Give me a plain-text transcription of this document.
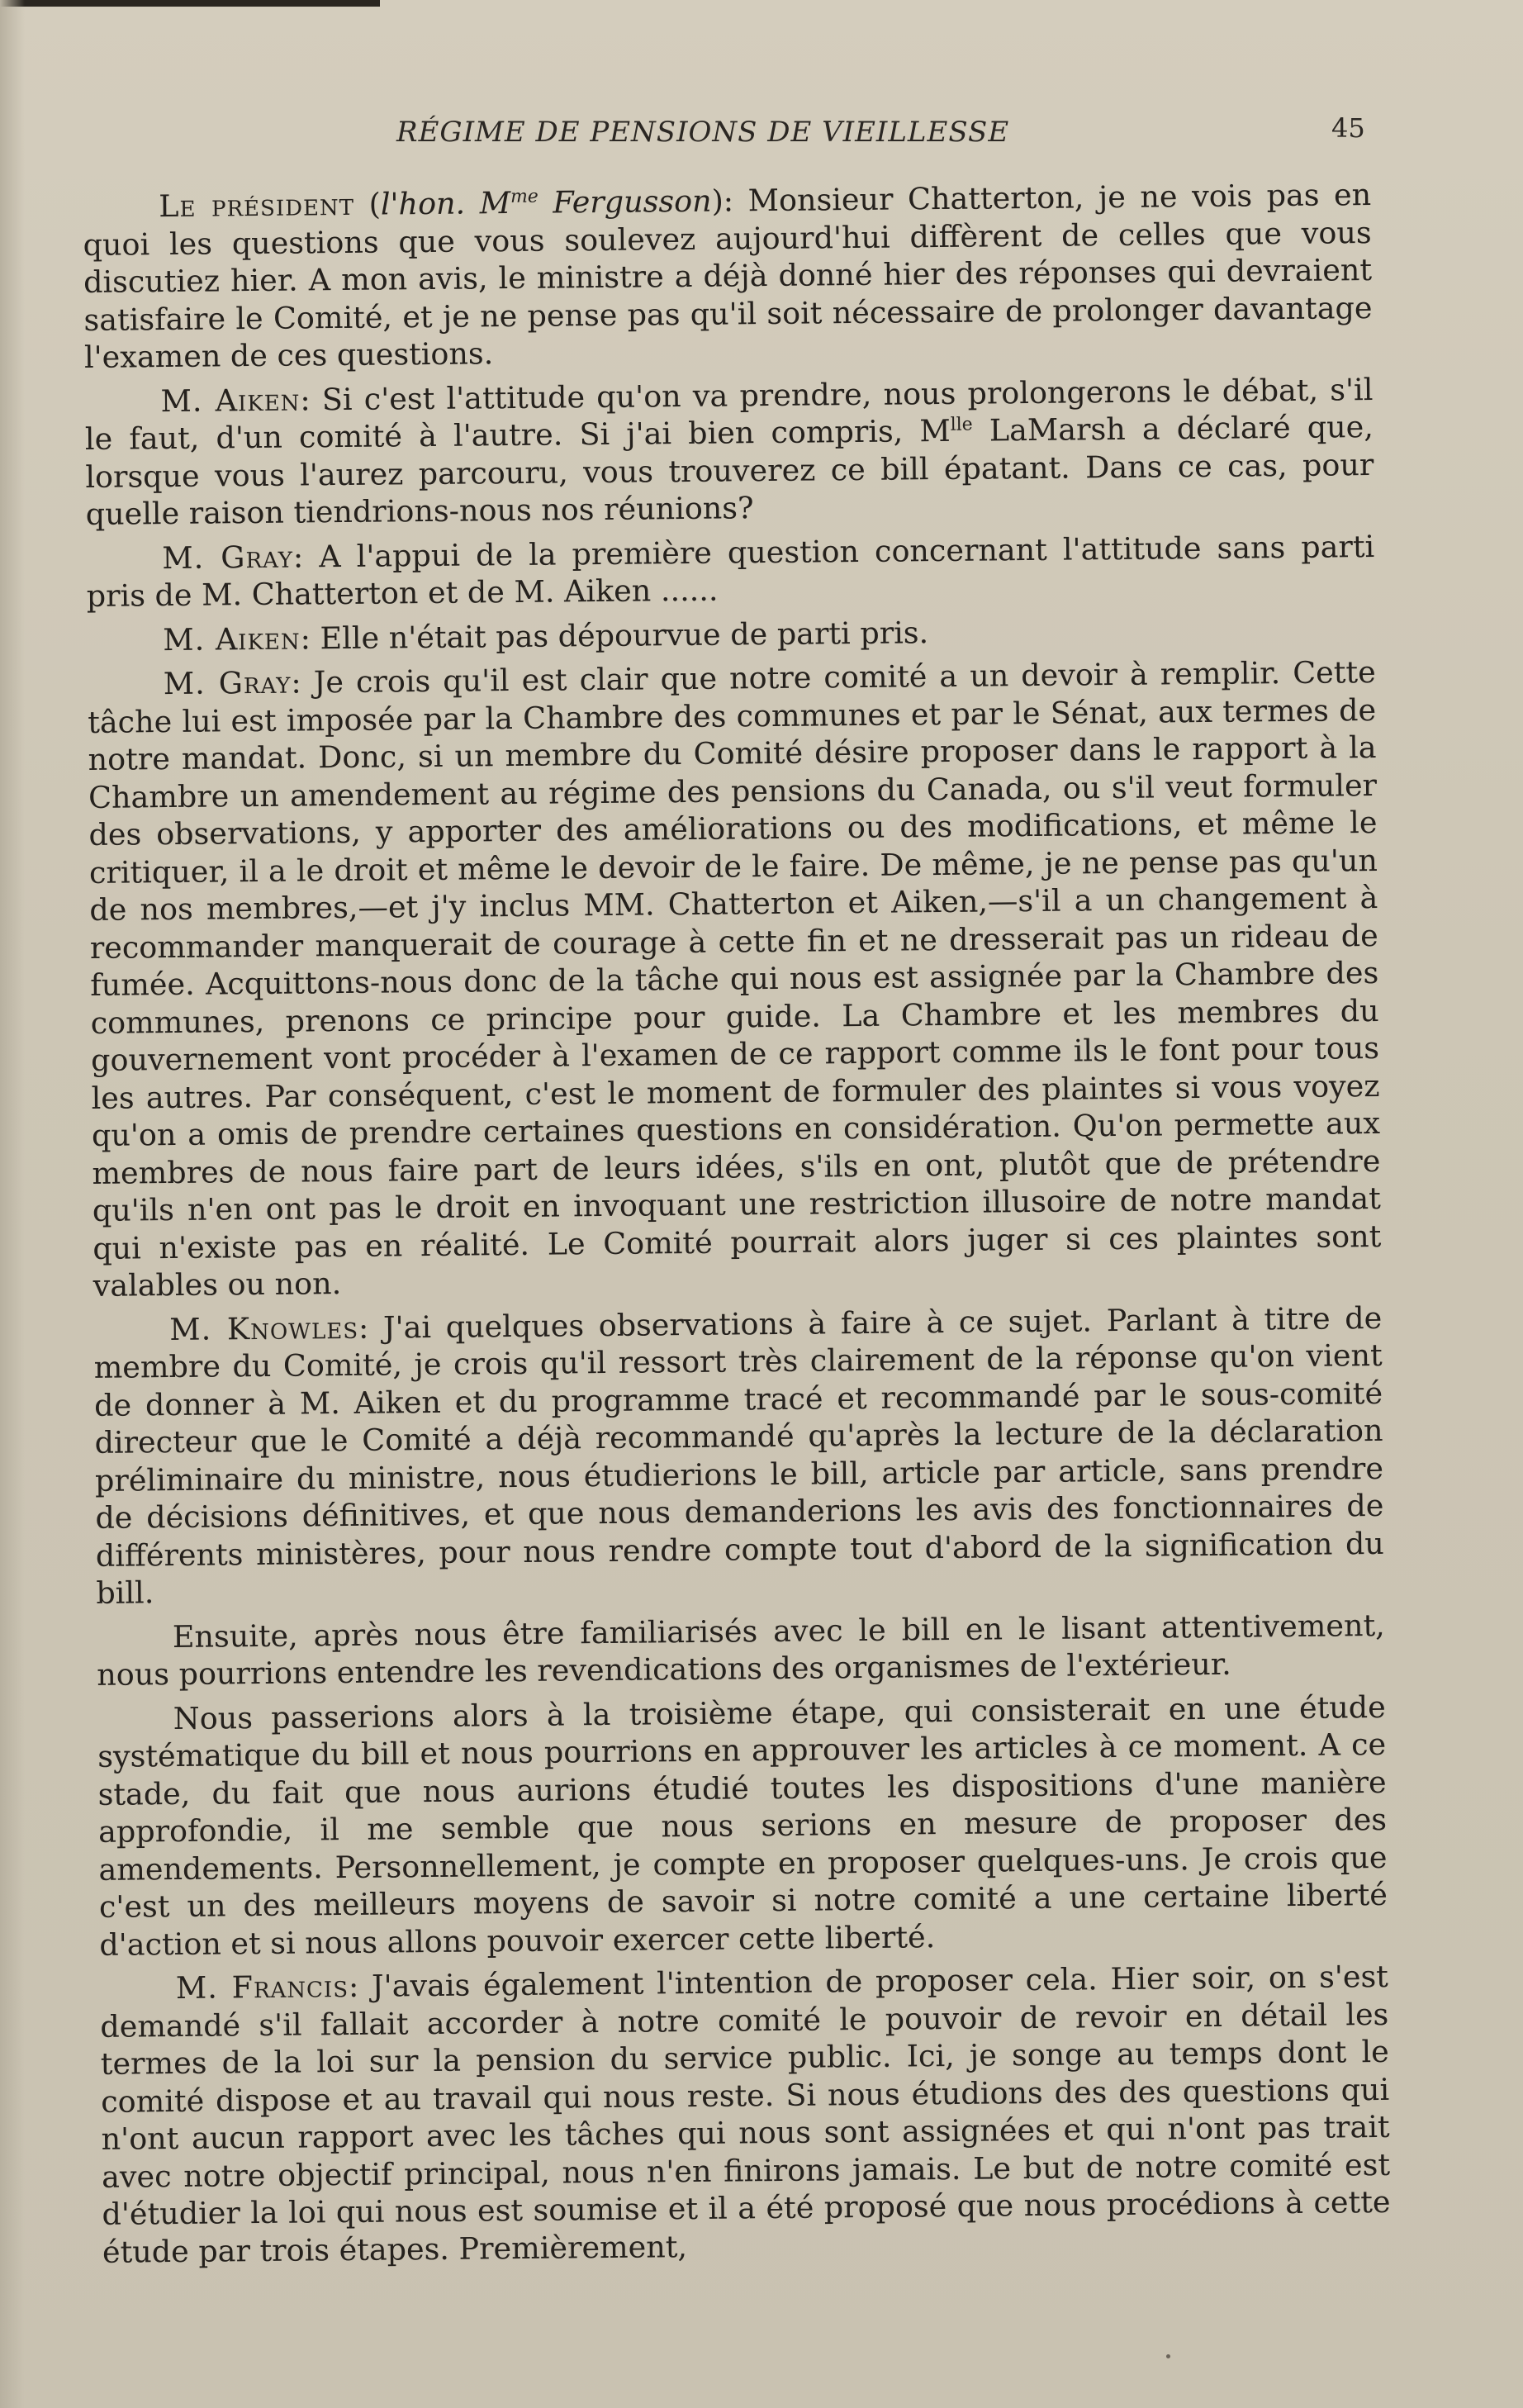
RÉGIME DE PENSIONS DE VIEILLESSE	45

Le président (l'hon. $M^{me}$ Fergusson): Monsieur Chatterton, je ne vois pas en quoi les questions que vous soulevez aujourd'hui diffèrent de celles que vous discutiez hier. A mon avis, le ministre a déjà donné hier des réponses qui devraient satisfaire le Comité, et je ne pense pas qu'il soit nécessaire de prolonger davantage l'examen de ces questions.

M. Aiken: Si c'est l'attitude qu'on va prendre, nous prolongerons le débat, s'il le faut, d'un comité à l'autre. Si j'ai bien compris, $M^{lle}$ LaMarsh a déclaré que, lorsque vous l'aurez parcouru, vous trouverez ce bill épatant. Dans ce cas, pour quelle raison tiendrions-nous nos réunions?

M. Gray: A l'appui de la première question concernant l'attitude sans parti pris de M. Chatterton et de M. Aiken ......

M. Aiken: Elle n'était pas dépourvue de parti pris.

M. Gray: Je crois qu'il est clair que notre comité a un devoir à remplir. Cette tâche lui est imposée par la Chambre des communes et par le Sénat, aux termes de notre mandat. Donc, si un membre du Comité désire proposer dans le rapport à la Chambre un amendement au régime des pensions du Canada, ou s'il veut formuler des observations, y apporter des améliorations ou des modifications, et même le critiquer, il a le droit et même le devoir de le faire. De même, je ne pense pas qu'un de nos membres,—et j'y inclus MM. Chatterton et Aiken,—s'il a un changement à recommander manquerait de courage à cette fin et ne dresserait pas un rideau de fumée. Acquittons-nous donc de la tâche qui nous est assignée par la Chambre des communes, prenons ce principe pour guide. La Chambre et les membres du gouvernement vont procéder à l'examen de ce rapport comme ils le font pour tous les autres. Par conséquent, c'est le moment de formuler des plaintes si vous voyez qu'on a omis de prendre certaines questions en considération. Qu'on permette aux membres de nous faire part de leurs idées, s'ils en ont, plutôt que de prétendre qu'ils n'en ont pas le droit en invoquant une restriction illusoire de notre mandat qui n'existe pas en réalité. Le Comité pourrait alors juger si ces plaintes sont valables ou non.

M. Knowles: J'ai quelques observations à faire à ce sujet. Parlant à titre de membre du Comité, je crois qu'il ressort très clairement de la réponse qu'on vient de donner à M. Aiken et du programme tracé et recommandé par le sous-comité directeur que le Comité a déjà recommandé qu'après la lecture de la déclaration préliminaire du ministre, nous étudierions le bill, article par article, sans prendre de décisions définitives, et que nous demanderions les avis des fonctionnaires de différents ministères, pour nous rendre compte tout d'abord de la signification du bill.

Ensuite, après nous être familiarisés avec le bill en le lisant attentivement, nous pourrions entendre les revendications des organismes de l'extérieur.

Nous passerions alors à la troisième étape, qui consisterait en une étude systématique du bill et nous pourrions en approuver les articles à ce moment. A ce stade, du fait que nous aurions étudié toutes les dispositions d'une manière approfondie, il me semble que nous serions en mesure de proposer des amendements. Personnellement, je compte en proposer quelques-uns. Je crois que c'est un des meilleurs moyens de savoir si notre comité a une certaine liberté d'action et si nous allons pouvoir exercer cette liberté.

M. Francis: J'avais également l'intention de proposer cela. Hier soir, on s'est demandé s'il fallait accorder à notre comité le pouvoir de revoir en détail les termes de la loi sur la pension du service public. Ici, je songe au temps dont le comité dispose et au travail qui nous reste. Si nous étudions des des questions qui n'ont aucun rapport avec les tâches qui nous sont assignées et qui n'ont pas trait avec notre objectif principal, nous n'en finirons jamais. Le but de notre comité est d'étudier la loi qui nous est soumise et il a été proposé que nous procédions à cette étude par trois étapes. Premièrement,
